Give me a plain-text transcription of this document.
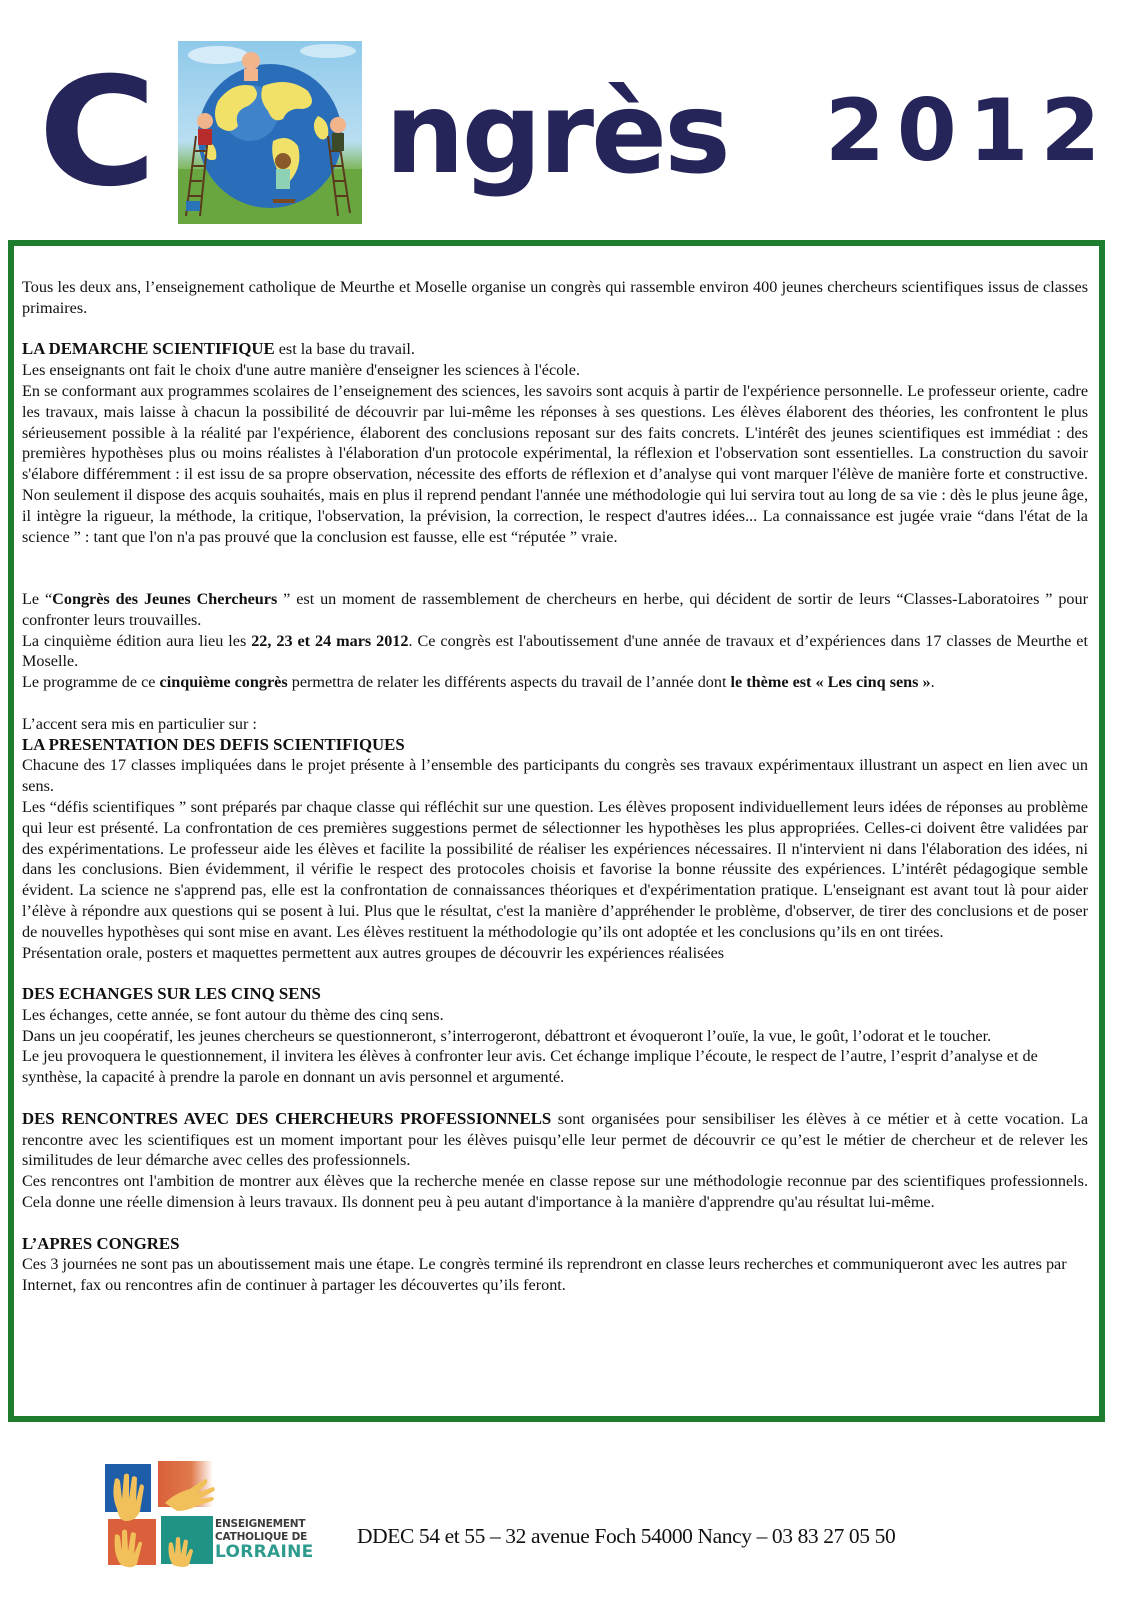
C ngrès 2012

Tous les deux ans, l’enseignement catholique de Meurthe et Moselle organise un congrès qui rassemble environ 400 jeunes chercheurs scientifiques issus de classes primaires.

LA DEMARCHE SCIENTIFIQUE est la base du travail.

Les enseignants ont fait le choix d'une autre manière d'enseigner les sciences à l'école.

En se conformant aux programmes scolaires de l’enseignement des sciences, les savoirs sont acquis à partir de l'expérience personnelle. Le professeur oriente, cadre les travaux, mais laisse à chacun la possibilité de découvrir par lui-même les réponses à ses questions. Les élèves élaborent des théories, les confrontent le plus sérieusement possible à la réalité par l'expérience, élaborent des conclusions reposant sur des faits concrets. L'intérêt des jeunes scientifiques est immédiat : des premières hypothèses plus ou moins réalistes à l'élaboration d'un protocole expérimental, la réflexion et l'observation sont essentielles. La construction du savoir s'élabore différemment : il est issu de sa propre observation, nécessite des efforts de réflexion et d’analyse qui vont marquer l'élève de manière forte et constructive. Non seulement il dispose des acquis souhaités, mais en plus il reprend pendant l'année une méthodologie qui lui servira tout au long de sa vie : dès le plus jeune âge, il intègre la rigueur, la méthode, la critique, l'observation, la prévision, la correction, le respect d'autres idées... La connaissance est jugée vraie “dans l'état de la science ” : tant que l'on n'a pas prouvé que la conclusion est fausse, elle est “réputée ” vraie.

Le “Congrès des Jeunes Chercheurs ” est un moment de rassemblement de chercheurs en herbe, qui décident de sortir de leurs “Classes-Laboratoires ” pour confronter leurs trouvailles.

La cinquième édition aura lieu les 22, 23 et 24 mars 2012. Ce congrès est l'aboutissement d'une année de travaux et d’expériences dans 17 classes de Meurthe et Moselle.

Le programme de ce cinquième congrès permettra de relater les différents aspects du travail de l’année dont le thème est « Les cinq sens ».

L’accent sera mis en particulier sur :

LA PRESENTATION DES DEFIS SCIENTIFIQUES

Chacune des 17 classes impliquées dans le projet présente à l’ensemble des participants du congrès ses travaux expérimentaux illustrant un aspect en lien avec un sens.

Les “défis scientifiques ” sont préparés par chaque classe qui réfléchit sur une question. Les élèves proposent individuellement leurs idées de réponses au problème qui leur est présenté. La confrontation de ces premières suggestions permet de sélectionner les hypothèses les plus appropriées. Celles-ci doivent être validées par des expérimentations. Le professeur aide les élèves et facilite la possibilité de réaliser les expériences nécessaires. Il n'intervient ni dans l'élaboration des idées, ni dans les conclusions. Bien évidemment, il vérifie le respect des protocoles choisis et favorise la bonne réussite des expériences. L’intérêt pédagogique semble évident. La science ne s'apprend pas, elle est la confrontation de connaissances théoriques et d'expérimentation pratique. L'enseignant est avant tout là pour aider l’élève à répondre aux questions qui se posent à lui. Plus que le résultat, c'est la manière d’appréhender le problème, d'observer, de tirer des conclusions et de poser de nouvelles hypothèses qui sont mise en avant. Les élèves restituent la méthodologie qu’ils ont adoptée et les conclusions qu’ils en ont tirées.

Présentation orale, posters et maquettes permettent aux autres groupes de découvrir les expériences réalisées

DES ECHANGES SUR LES CINQ SENS

Les échanges, cette année, se font autour du thème des cinq sens.

Dans un jeu coopératif, les jeunes chercheurs se questionneront, s’interrogeront, débattront et évoqueront l’ouïe, la vue, le goût, l’odorat et le toucher.

Le jeu provoquera le questionnement, il invitera les élèves à confronter leur avis. Cet échange implique l’écoute, le respect de l’autre, l’esprit d’analyse et de synthèse, la capacité à prendre la parole en donnant un avis personnel et argumenté.

DES RENCONTRES AVEC DES CHERCHEURS PROFESSIONNELS sont organisées pour sensibiliser les élèves à ce métier et à cette vocation. La rencontre avec les scientifiques est un moment important pour les élèves puisqu’elle leur permet de découvrir ce qu’est le métier de chercheur et de relever les similitudes de leur démarche avec celles des professionnels.

Ces rencontres ont l'ambition de montrer aux élèves que la recherche menée en classe repose sur une méthodologie reconnue par des scientifiques professionnels. Cela donne une réelle dimension à leurs travaux. Ils donnent peu à peu autant d'importance à la manière d'apprendre qu'au résultat lui-même.

L’APRES CONGRES

Ces 3 journées ne sont pas un aboutissement mais une étape. Le congrès terminé ils reprendront en classe leurs recherches et communiqueront avec les autres par Internet, fax ou rencontres afin de continuer à partager les découvertes qu’ils feront.

ENSEIGNEMENT
CATHOLIQUE DE
LORRAINE
DDEC 54 et 55 – 32 avenue Foch 54000 Nancy – 03 83 27 05 50
